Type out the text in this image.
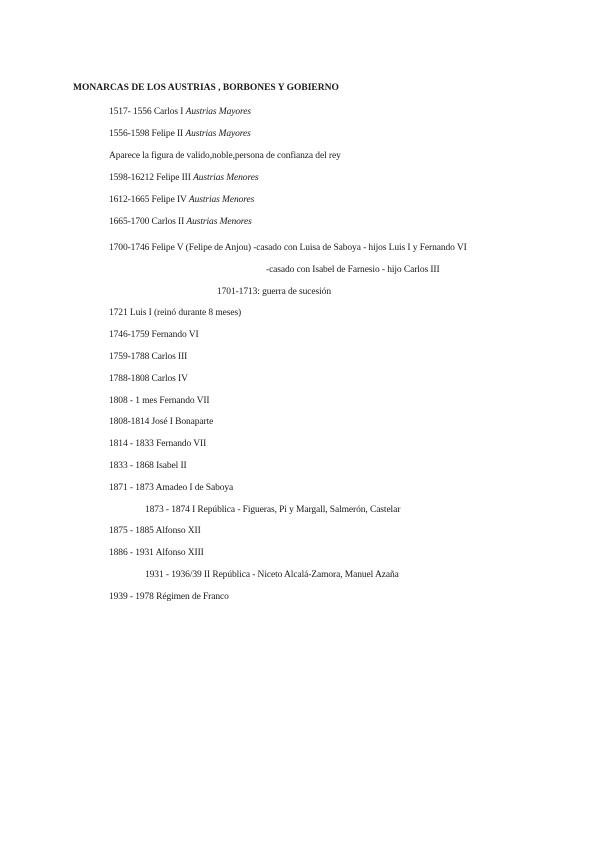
MONARCAS DE LOS AUSTRIAS , BORBONES Y GOBIERNO
1517- 1556 Carlos I Austrias Mayores
1556-1598 Felipe II Austrias Mayores
Aparece la figura de valido,noble,persona de confianza del rey
1598-16212 Felipe III Austrias Menores
1612-1665 Felipe IV Austrias Menores
1665-1700 Carlos II Austrias Menores
1700-1746 Felipe V (Felipe de Anjou) -casado con Luisa de Saboya - hijos Luis I y Fernando VI
-casado con Isabel de Farnesio - hijo Carlos III
1701-1713: guerra de sucesión
1721 Luis I (reinó durante 8 meses)
1746-1759 Fernando VI
1759-1788 Carlos III
1788-1808 Carlos IV
1808 - 1 mes Fernando VII
1808-1814 José I Bonaparte
1814 - 1833 Fernando VII
1833 - 1868 Isabel II
1871 - 1873 Amadeo I de Saboya
1873 - 1874 I República - Figueras, Pi y Margall, Salmerón, Castelar
1875 - 1885 Alfonso XII
1886 - 1931 Alfonso XIII
1931 - 1936/39 II República - Niceto Alcalá-Zamora, Manuel Azaña
1939 - 1978 Régimen de Franco
